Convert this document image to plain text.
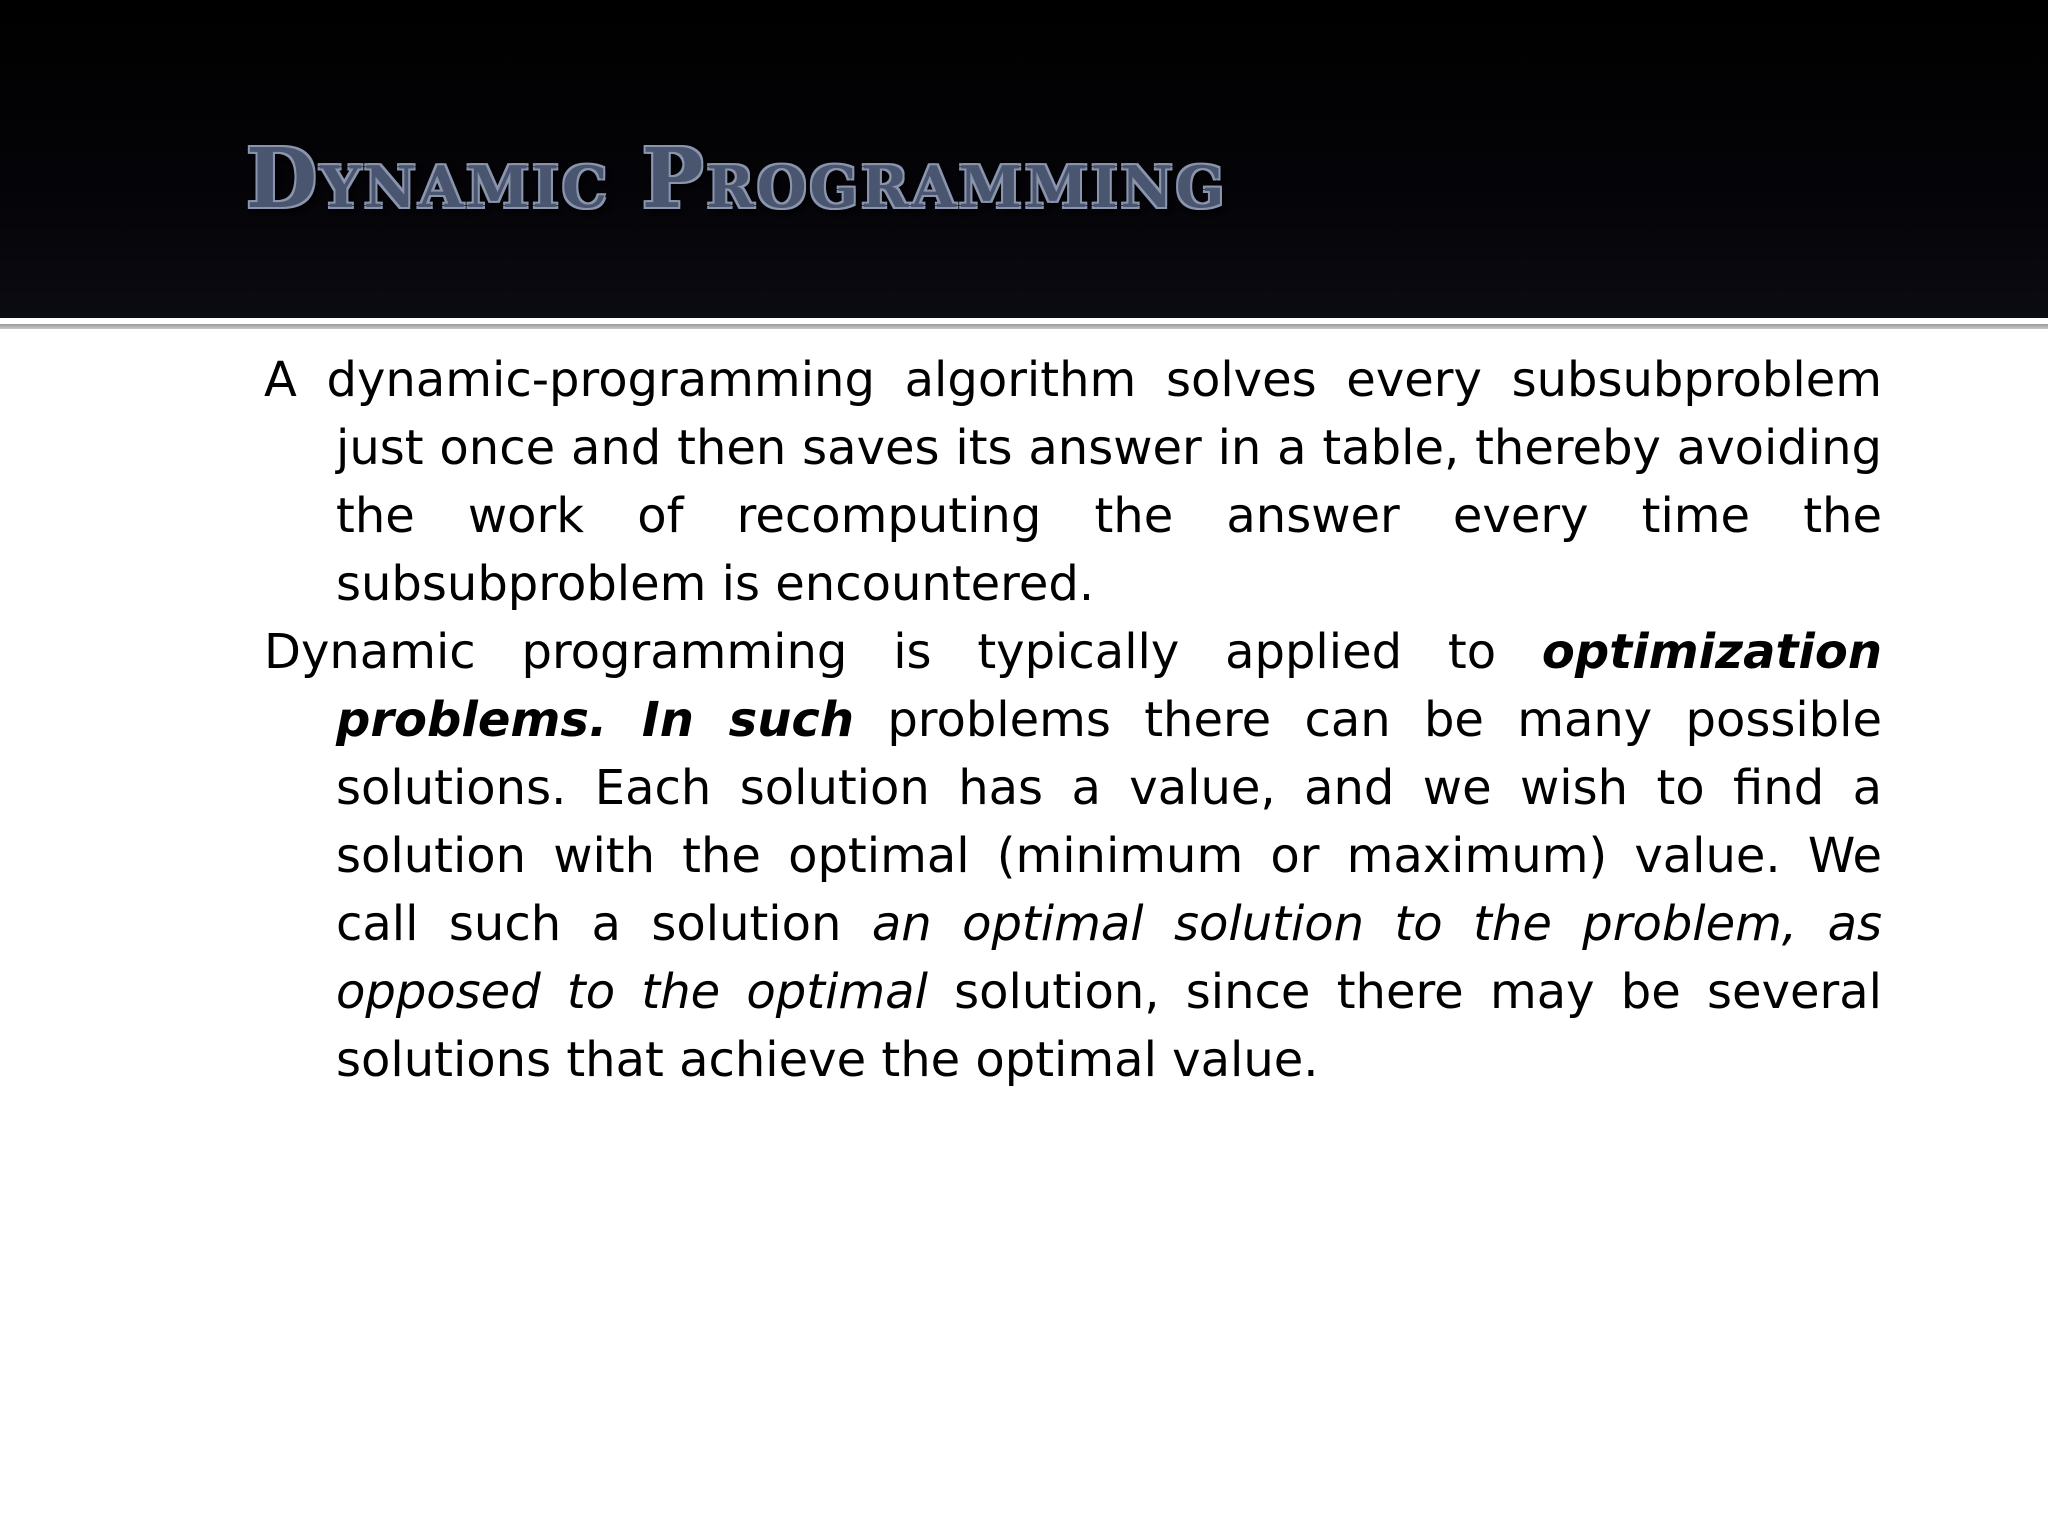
Dynamic Programming

A dynamic-programming algorithm solves every subsubproblem just once and then saves its answer in a table, thereby avoiding the work of recomputing the answer every time the subsubproblem is encountered.

Dynamic programming is typically applied to optimization problems. In such problems there can be many possible solutions. Each solution has a value, and we wish to find a solution with the optimal (minimum or maximum) value. We call such a solution an optimal solution to the problem, as opposed to the optimal solution, since there may be several solutions that achieve the optimal value.
